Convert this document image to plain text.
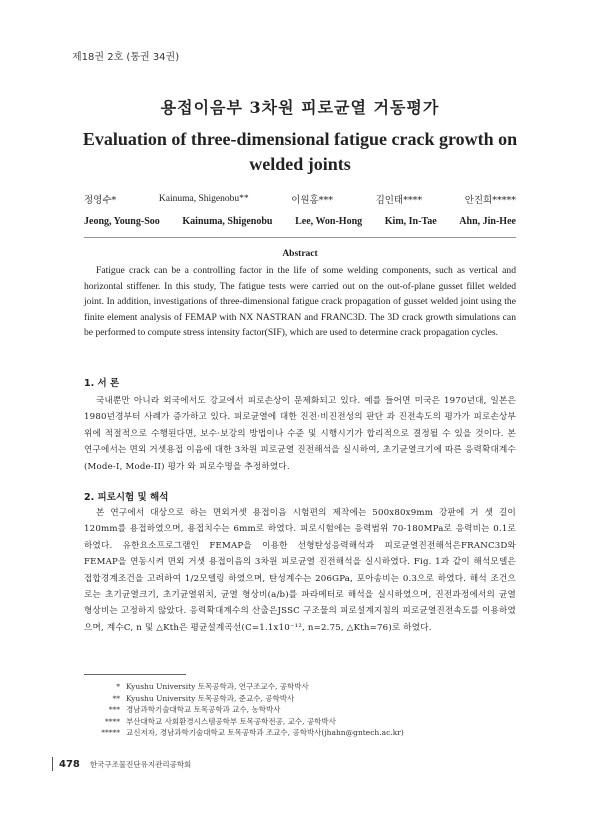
제18권 2호 (통권 34권)
용접이음부 3차원 피로균열 거동평가
Evaluation of three-dimensional fatigue crack growth on welded joints
정영수*	Kainuma, Shigenobu**	이원홍***	김인태****	안진희*****
Jeong, Young-Soo Kainuma, Shigenobu Lee, Won-Hong Kim, In-Tae Ahn, Jin-Hee
Abstract
Fatigue crack can be a controlling factor in the life of some welding components, such as vertical and horizontal stiffener. In this study, The fatigue tests were carried out on the out-of-plane gusset fillet welded joint. In addition, investigations of three-dimensional fatigue crack propagation of gusset welded joint using the finite element analysis of FEMAP with NX NASTRAN and FRANC3D. The 3D crack growth simulations can be performed to compute stress intensity factor(SIF), which are used to determine crack propagation cycles.
1. 서 론
국내뿐만 아니라 외국에서도 강교에서 피로손상이 문제화되고 있다. 예를 들어면 미국은 1970년대, 일본은1980년경부터 사례가 증가하고 있다. 피로균열에 대한 진전·비진전성의 판단 과 진전속도의 평가가 피로손상부위에 적절적으로 수행된다면, 보수·보강의 방법이나 수준 및 시행시기가 합리적으로 결정될 수 있을 것이다. 본 연구에서는 면외 거셋용접 이음에 대한 3차원 피로균열 진전해석을 실시하여, 초기균열크기에 따른 응력확대계수(Mode-I, Mode-II) 평가 와 피로수명을 추정하였다.
2. 피로시험 및 해석
본 연구에서 대상으로 하는 면외거셋 용접이음 시험편의 제작에는 500x80x9mm 강판에 거 셋 길이 120mm를 용접하였으며, 용접치수는 6mm로 하였다. 피로시험에는 응력범위 70-180MPa로 응력비는 0.1로 하였다. 유한요소프로그램인 FEMAP을 이용한 선형탄성응력해석과 피로균열진전해석은FRANC3D와 FEMAP을 연동시켜 면외 거셋 용접이음의 3차원 피로균열 진전해석을 실시하였다. Fig. 1과 같이 해석모델은 접합경계조건을 고려하여 1/2모델링 하였으며, 탄성계수는 206GPa, 포아송비는 0.3으로 하였다. 해석 조건으로는 초기균열크기, 초기균열위치, 균열 형상비(a/b)를 파라메터로 해석을 실시하였으며, 진전과정에서의 균열 형상비는 고정하지 않았다. 응력확대계수의 산출은JSSC 구조물의 피로설계지침의 피로균열진전속도를 이용하였으며, 계수C, n 및 △Kth은 평균설계곡선(C=1.1x10⁻¹², n=2.75, △Kth=76)로 하였다.
* Kyushu University 토목공학과, 연구조교수, 공학박사
** Kyushu University 토목공학과, 준교수, 공학박사
*** 경남과학기술대학교 토목공학과 교수, 농학박사
**** 부산대학교 사회환경시스템공학부 토목공학전공, 교수, 공학박사
***** 교신저자, 경남과학기술대학교 토목공학과 조교수, 공학박사(jhahn@gntech.ac.kr)
478 한국구조물진단유지관리공학회
